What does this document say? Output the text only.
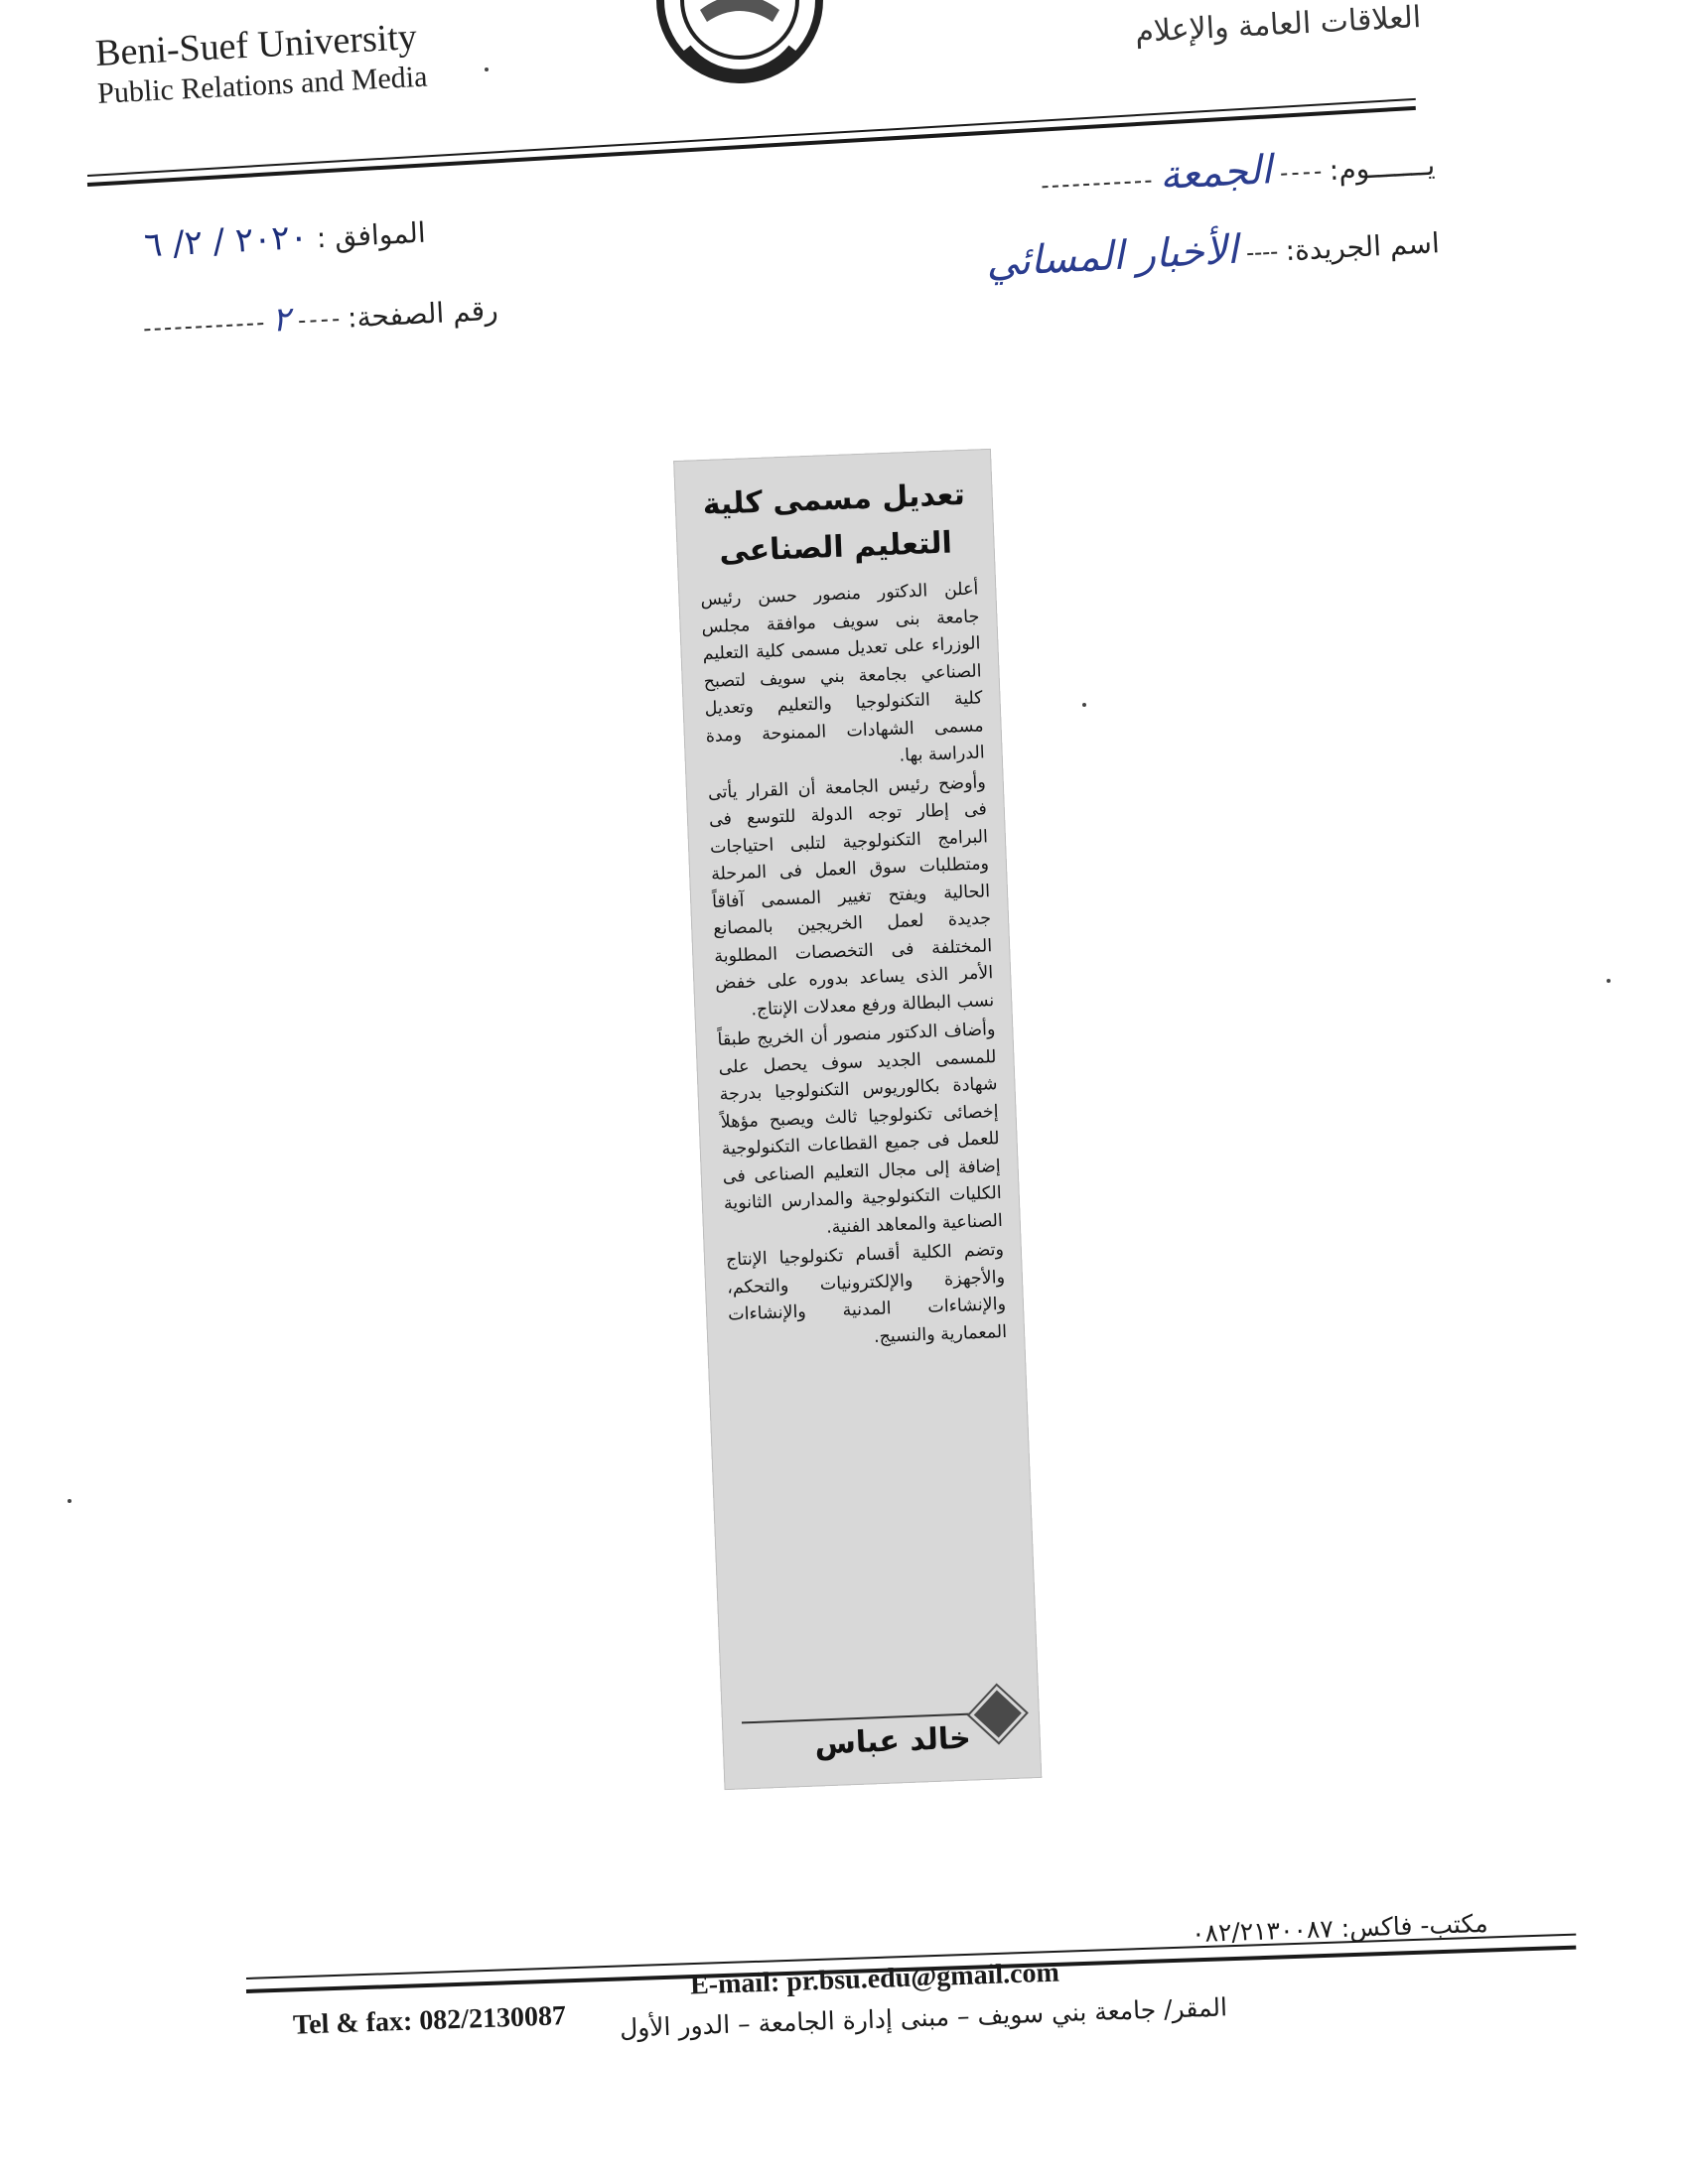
Beni-Suef University
Public Relations and Media
العلاقات العامة والإعلام
يـــــــوم:  الجمعة
اسم الجريدة:  الأخبار المسائي
الموافق : ٢٠٢٠ / ٢/ ٦
رقم الصفحة:  ٢
تعديل مسمى كلية
التعليم الصناعى

أعلن الدكتور منصور حسن رئيس جامعة بنى سويف موافقة مجلس الوزراء على تعديل مسمى كلية التعليم الصناعي بجامعة بني سويف لتصبح كلية التكنولوجيا والتعليم وتعديل مسمى الشهادات الممنوحة ومدة الدراسة بها.

وأوضح رئيس الجامعة أن القرار يأتى فى إطار توجه الدولة للتوسع فى البرامج التكنولوجية لتلبى احتياجات ومتطلبات سوق العمل فى المرحلة الحالية ويفتح تغيير المسمى آفاقاً جديدة لعمل الخريجين بالمصانع المختلفة فى التخصصات المطلوبة الأمر الذى يساعد بدوره على خفض نسب البطالة ورفع معدلات الإنتاج.

وأضاف الدكتور منصور أن الخريج طبقاً للمسمى الجديد سوف يحصل على شهادة بكالوريوس التكنولوجيا بدرجة إخصائى تكنولوجيا ثالث ويصبح مؤهلاً للعمل فى جميع القطاعات التكنولوجية إضافة إلى مجال التعليم الصناعى فى الكليات التكنولوجية والمدارس الثانوية الصناعية والمعاهد الفنية.

وتضم الكلية أقسام تكنولوجيا الإنتاج والأجهزة والإلكترونيات والتحكم، والإنشاءات المدنية والإنشاءات المعمارية والنسيج.

خالد عباس
مكتب- فاكس: ٠٨٢/٢١٣٠٠٨٧
E-mail: pr.bsu.edu@gmail.com
Tel & fax: 082/2130087	المقر/ جامعة بني سويف – مبنى إدارة الجامعة – الدور الأول
